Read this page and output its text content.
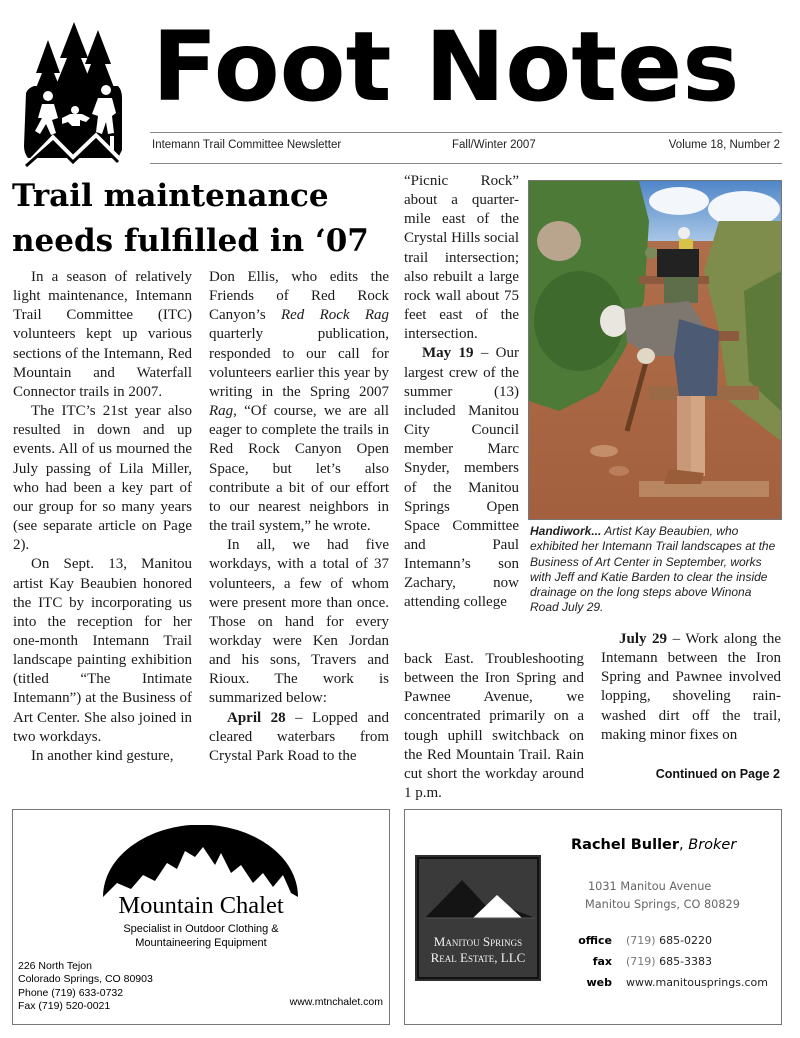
Foot Notes
Intemann Trail Committee Newsletter	Fall/Winter 2007	Volume 18, Number 2
Trail maintenance needs fulfilled in ‘07

In a season of relatively light maintenance, Intemann Trail Committee (ITC) volunteers kept up various sections of the Intemann, Red Mountain and Waterfall Connector trails in 2007.

The ITC’s 21st year also resulted in down and up events. All of us mourned the July passing of Lila Miller, who had been a key part of our group for so many years (see separate article on Page 2).

On Sept. 13, Manitou artist Kay Beaubien honored the ITC by incorporating us into the reception for her one-month Intemann Trail landscape painting exhibition (titled “The Intimate Intemann”) at the Business of Art Center. She also joined in two workdays.

In another kind gesture,

Don Ellis, who edits the Friends of Red Rock Canyon’s Red Rock Rag quarterly publication, responded to our call for volunteers earlier this year by writing in the Spring 2007 Rag, “Of course, we are all eager to complete the trails in Red Rock Canyon Open Space, but let’s also contribute a bit of our effort to our nearest neighbors in the trail system,” he wrote.

In all, we had five workdays, with a total of 37 volunteers, a few of whom were present more than once. Those on hand for every workday were Ken Jordan and his sons, Travers and Rioux. The work is summarized below:

April 28 – Lopped and cleared waterbars from Crystal Park Road to the

“Picnic Rock” about a quarter-mile east of the Crystal Hills social trail intersection; also rebuilt a large rock wall about 75 feet east of the intersection.

May 19 – Our largest crew of the summer (13) included Manitou City Council member Marc Snyder, members of the Manitou Springs Open Space Committee and Paul Intemann’s son Zachary, now attending college

back East. Troubleshooting between the Iron Spring and Pawnee Avenue, we concentrated primarily on a tough uphill switchback on the Red Mountain Trail. Rain cut short the workday around 1 p.m.

Handiwork... Artist Kay Beaubien, who exhibited her Intemann Trail landscapes at the Business of Art Center in September, works with Jeff and Katie Barden to clear the inside drainage on the long steps above Winona Road July 29.

July 29 – Work along the Intemann between the Iron Spring and Pawnee involved lopping, shoveling rain-washed dirt off the trail, making minor fixes on

Continued on Page 2
Mountain Chalet
Specialist in Outdoor Clothing &
Mountaineering Equipment
226 North Tejon
Colorado Springs, CO 80903
Phone (719) 633-0732
Fax (719) 520-0021	www.mtnchalet.com
Manitou Springs
Real Estate, LLC
Rachel Buller, Broker
1031 Manitou Avenue
Manitou Springs, CO 80829
office (719) 685-0220
fax (719) 685-3383
web www.manitousprings.com
